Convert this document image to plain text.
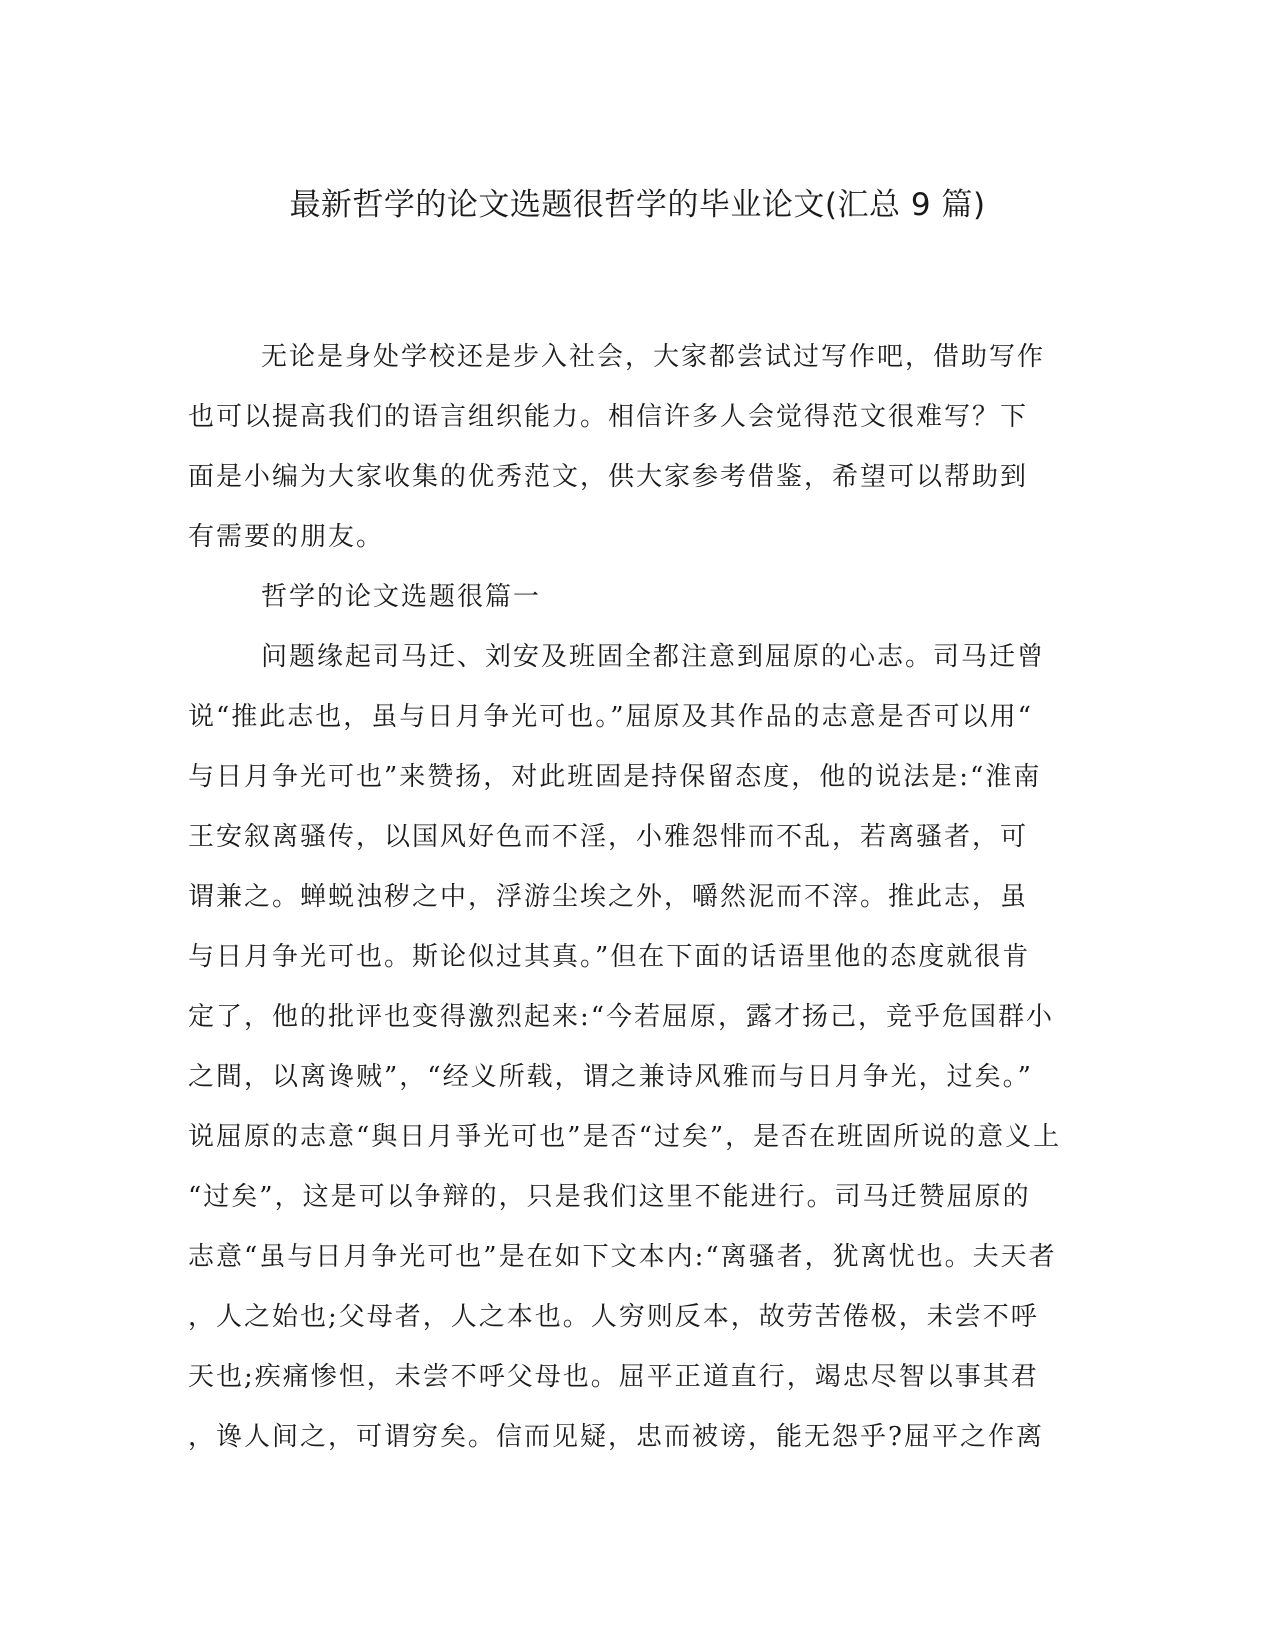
最新哲学的论文选题很哲学的毕业论文(汇总 9 篇)
无论是身处学校还是步入社会，大家都尝试过写作吧，借助写作
也可以提高我们的语言组织能力。相信许多人会觉得范文很难写？下
面是小编为大家收集的优秀范文，供大家参考借鉴，希望可以帮助到
有需要的朋友。
哲学的论文选题很篇一
问题缘起司马迁、刘安及班固全都注意到屈原的心志。司马迁曾
说“推此志也，虽与日月争光可也。”屈原及其作品的志意是否可以用“
与日月争光可也”来赞扬，对此班固是持保留态度，他的说法是:“淮南
王安叙离骚传，以国风好色而不淫，小雅怨悱而不乱，若离骚者，可
谓兼之。蝉蜕浊秽之中，浮游尘埃之外，嚼然泥而不滓。推此志，虽
与日月争光可也。斯论似过其真。”但在下面的话语里他的态度就很肯
定了，他的批评也变得激烈起来:“今若屈原，露才扬己，竞乎危国群小
之間，以离谗贼”，“经义所载，谓之兼诗风雅而与日月争光，过矣。”
说屈原的志意“與日月爭光可也”是否“过矣”，是否在班固所说的意义上
“过矣”，这是可以争辩的，只是我们这里不能进行。司马迁赞屈原的
志意“虽与日月争光可也”是在如下文本内:“离骚者，犹离忧也。夫天者
，人之始也;父母者，人之本也。人穷则反本，故劳苦倦极，未尝不呼
天也;疾痛惨怛，未尝不呼父母也。屈平正道直行，竭忠尽智以事其君
，谗人间之，可谓穷矣。信而见疑，忠而被谤，能无怨乎?屈平之作离
